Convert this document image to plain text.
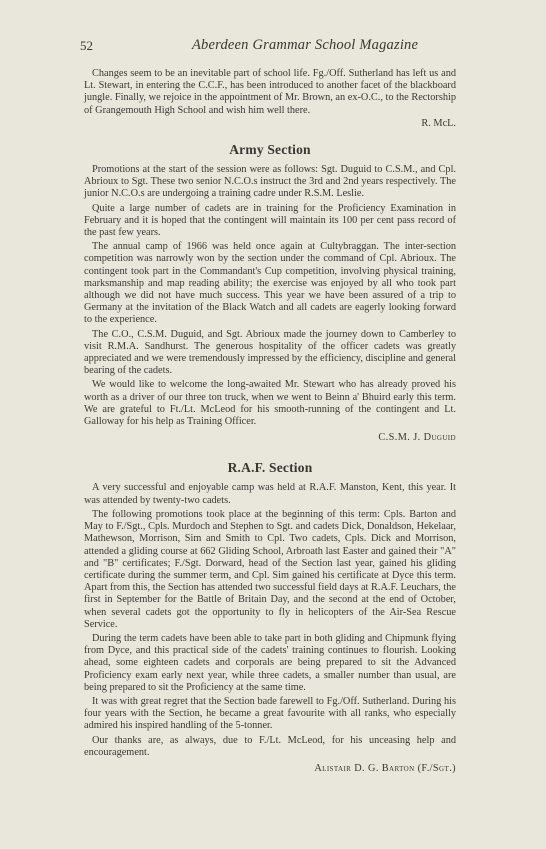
52	Aberdeen Grammar School Magazine

Changes seem to be an inevitable part of school life. Fg./Off. Sutherland has left us and Lt. Stewart, in entering the C.C.F., has been introduced to another facet of the blackboard jungle. Finally, we rejoice in the appointment of Mr. Brown, an ex-O.C., to the Rectorship of Grangemouth High School and wish him well there.

R. McL.
Army Section

Promotions at the start of the session were as follows: Sgt. Duguid to C.S.M., and Cpl. Abrioux to Sgt. These two senior N.C.O.s instruct the 3rd and 2nd years respectively. The junior N.C.O.s are undergoing a training cadre under R.S.M. Leslie.

Quite a large number of cadets are in training for the Proficiency Examination in February and it is hoped that the contingent will maintain its 100 per cent pass record of the past few years.

The annual camp of 1966 was held once again at Cultybraggan. The inter-section competition was narrowly won by the section under the command of Cpl. Abrioux. The contingent took part in the Commandant's Cup competition, involving physical training, marksmanship and map reading ability; the exercise was enjoyed by all who took part although we did not have much success. This year we have been assured of a trip to Germany at the invitation of the Black Watch and all cadets are eagerly looking forward to the experience.

The C.O., C.S.M. Duguid, and Sgt. Abrioux made the journey down to Camberley to visit R.M.A. Sandhurst. The generous hospitality of the officer cadets was greatly appreciated and we were tremendously impressed by the efficiency, discipline and general bearing of the cadets.

We would like to welcome the long-awaited Mr. Stewart who has already proved his worth as a driver of our three ton truck, when we went to Beinn a' Bhuird early this term. We are grateful to Ft./Lt. McLeod for his smooth-running of the contingent and Lt. Galloway for his help as Training Officer.

C.S.M. J. Duguid
R.A.F. Section

A very successful and enjoyable camp was held at R.A.F. Manston, Kent, this year. It was attended by twenty-two cadets.

The following promotions took place at the beginning of this term: Cpls. Barton and May to F./Sgt., Cpls. Murdoch and Stephen to Sgt. and cadets Dick, Donaldson, Hekelaar, Mathewson, Morrison, Sim and Smith to Cpl. Two cadets, Cpls. Dick and Morrison, attended a gliding course at 662 Gliding School, Arbroath last Easter and gained their "A" and "B" certificates; F./Sgt. Dorward, head of the Section last year, gained his gliding certificate during the summer term, and Cpl. Sim gained his certificate at Dyce this term. Apart from this, the Section has attended two successful field days at R.A.F. Leuchars, the first in September for the Battle of Britain Day, and the second at the end of October, when several cadets got the opportunity to fly in helicopters of the Air-Sea Rescue Service.

During the term cadets have been able to take part in both gliding and Chipmunk flying from Dyce, and this practical side of the cadets' training continues to flourish. Looking ahead, some eighteen cadets and corporals are being prepared to sit the Advanced Proficiency exam early next year, while three cadets, a smaller number than usual, are being prepared to sit the Proficiency at the same time.

It was with great regret that the Section bade farewell to Fg./Off. Sutherland. During his four years with the Section, he became a great favourite with all ranks, who especially admired his inspired handling of the 5-tonner.

Our thanks are, as always, due to F./Lt. McLeod, for his unceasing help and encouragement.

Alistair D. G. Barton (F./Sgt.)
